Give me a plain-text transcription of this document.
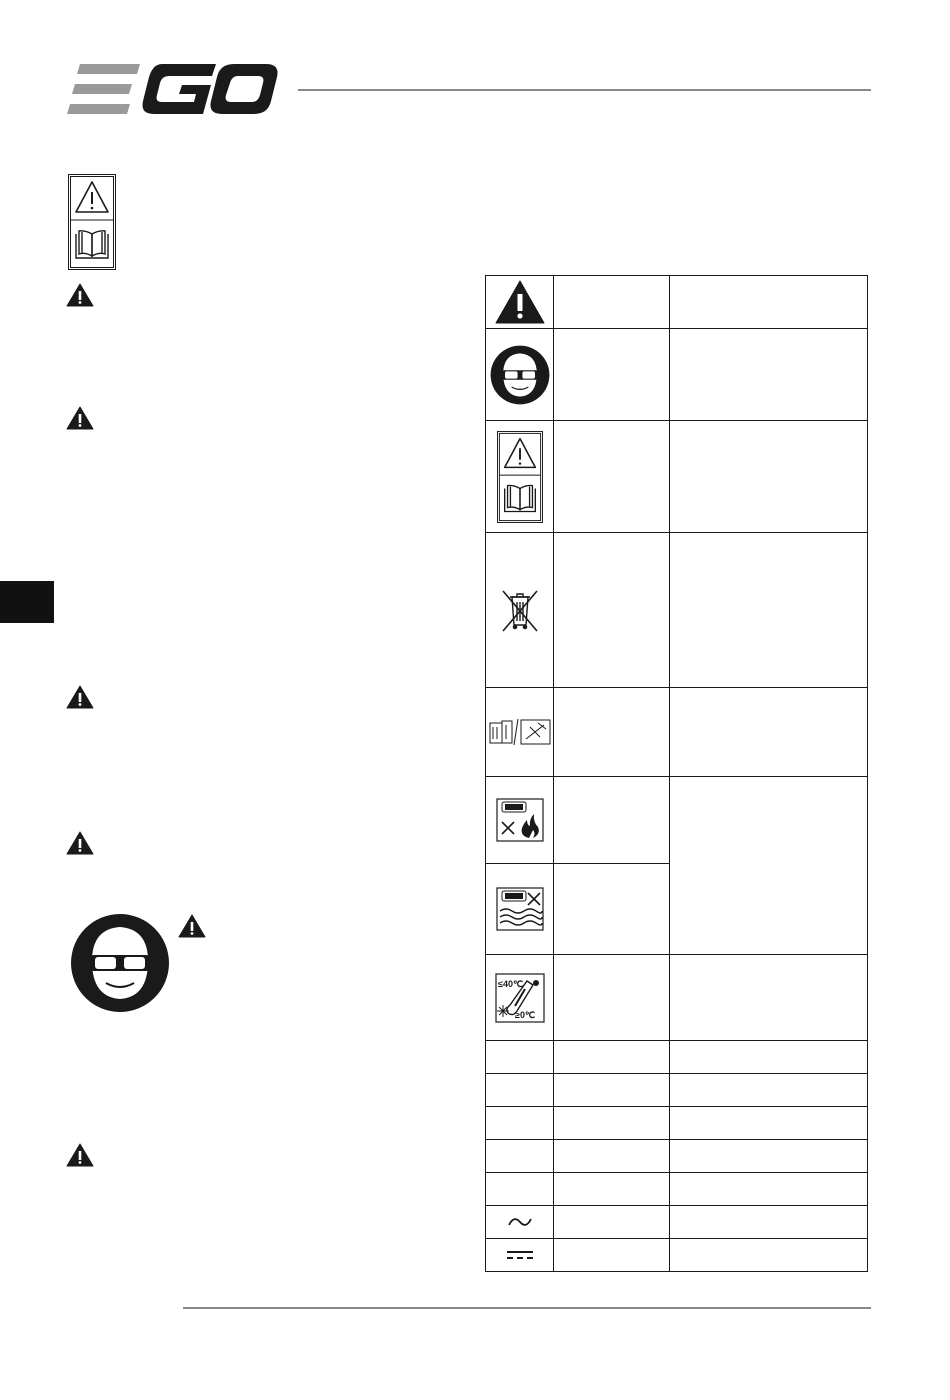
≤40℃
≥0℃		
